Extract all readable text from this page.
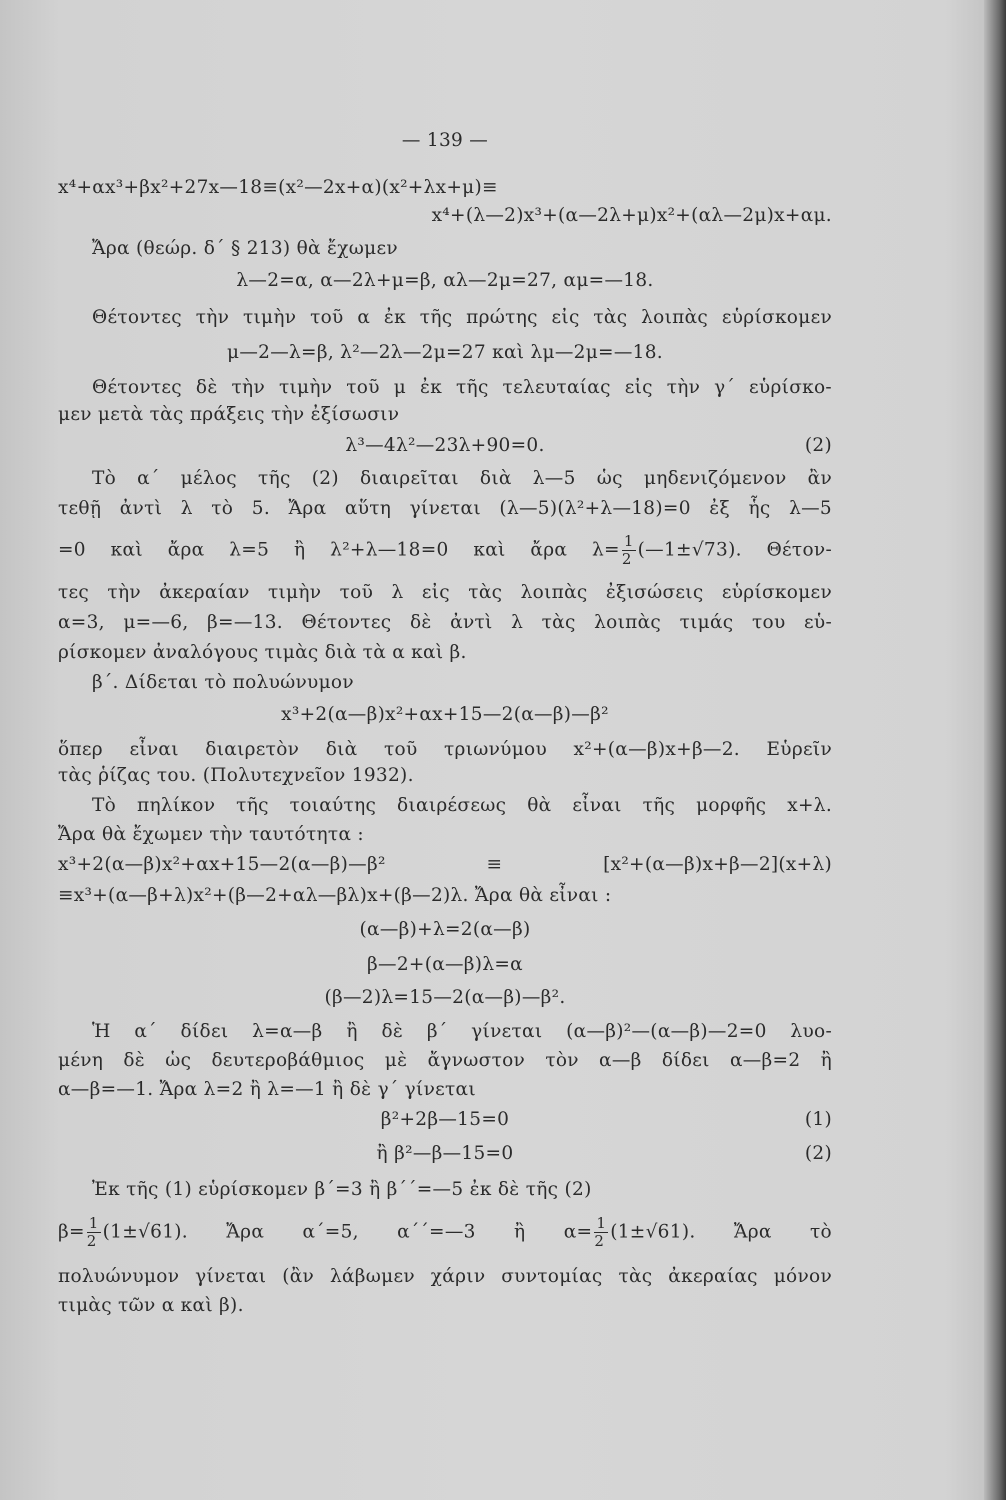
— 139 —
x⁴+αx³+βx²+27x—18≡(x²—2x+α)(x²+λx+μ)≡
x⁴+(λ—2)x³+(α—2λ+μ)x²+(αλ—2μ)x+αμ.
Ἄρα (θεώρ. δ΄ § 213) θὰ ἔχωμεν
λ—2=α, α—2λ+μ=β, αλ—2μ=27, αμ=—18.
Θέτοντες τὴν τιμὴν τοῦ α ἐκ τῆς πρώτης εἰς τὰς λοιπὰς εὑρίσκομεν
μ—2—λ=β, λ²—2λ—2μ=27 καὶ λμ—2μ=—18.
Θέτοντες δὲ τὴν τιμὴν τοῦ μ ἐκ τῆς τελευταίας εἰς τὴν γ΄ εὑρίσκο-
μεν μετὰ τὰς πράξεις τὴν ἐξίσωσιν
λ³—4λ²—23λ+90=0.	(2)
Τὸ α΄ μέλος τῆς (2) διαιρεῖται διὰ λ—5 ὡς μηδενιζόμενον ἂν
τεθῇ ἀντὶ λ τὸ 5. Ἄρα αὕτη γίνεται (λ—5)(λ²+λ—18)=0 ἐξ ἧς λ—5
=0 καὶ ἄρα λ=5 ἢ λ²+λ—18=0 καὶ ἄρα $\lambda= \frac{1}{2}$ (—1±√73). Θέτον-
τες τὴν ἀκεραίαν τιμὴν τοῦ λ εἰς τὰς λοιπὰς ἐξισώσεις εὑρίσκομεν
α=3, μ=—6, β=—13. Θέτοντες δὲ ἀντὶ λ τὰς λοιπὰς τιμάς του εὑ-
ρίσκομεν ἀναλόγους τιμὰς διὰ τὰ α καὶ β.
β΄. Δίδεται τὸ πολυώνυμον
x³+2(α—β)x²+αx+15—2(α—β)—β²
ὅπερ εἶναι διαιρετὸν διὰ τοῦ τριωνύμου x²+(α—β)x+β—2. Εὑρεῖν
τὰς ῥίζας του. (Πολυτεχνεῖον 1932).
Τὸ πηλίκον τῆς τοιαύτης διαιρέσεως θὰ εἶναι τῆς μορφῆς x+λ.
Ἄρα θὰ ἔχωμεν τὴν ταυτότητα :
x³+2(α—β)x²+αx+15—2(α—β)—β² ≡ [x²+(α—β)x+β—2](x+λ)
≡x³+(α—β+λ)x²+(β—2+αλ—βλ)x+(β—2)λ. Ἄρα θὰ εἶναι :
(α—β)+λ=2(α—β)
β—2+(α—β)λ=α
(β—2)λ=15—2(α—β)—β².
Ἡ α΄ δίδει λ=α—β ἢ δὲ β΄ γίνεται (α—β)²—(α—β)—2=0 λυο-
μένη δὲ ὡς δευτεροβάθμιος μὲ ἄγνωστον τὸν α—β δίδει α—β=2 ἢ
α—β=—1. Ἄρα λ=2 ἢ λ=—1 ἢ δὲ γ΄ γίνεται
β²+2β—15=0	(1)
ἢ β²—β—15=0	(2)
Ἐκ τῆς (1) εὑρίσκομεν β΄=3 ἢ β΄΄=—5 ἐκ δὲ τῆς (2)
$\beta= \frac{1}{2} (1\pm√61)$. Ἄρα α΄=5, α΄΄=—3 ἢ $\alpha= \frac{1}{2} (1\pm√61)$. Ἄρα τὸ
πολυώνυμον γίνεται (ἂν λάβωμεν χάριν συντομίας τὰς ἀκεραίας μόνον
τιμὰς τῶν α καὶ β).
